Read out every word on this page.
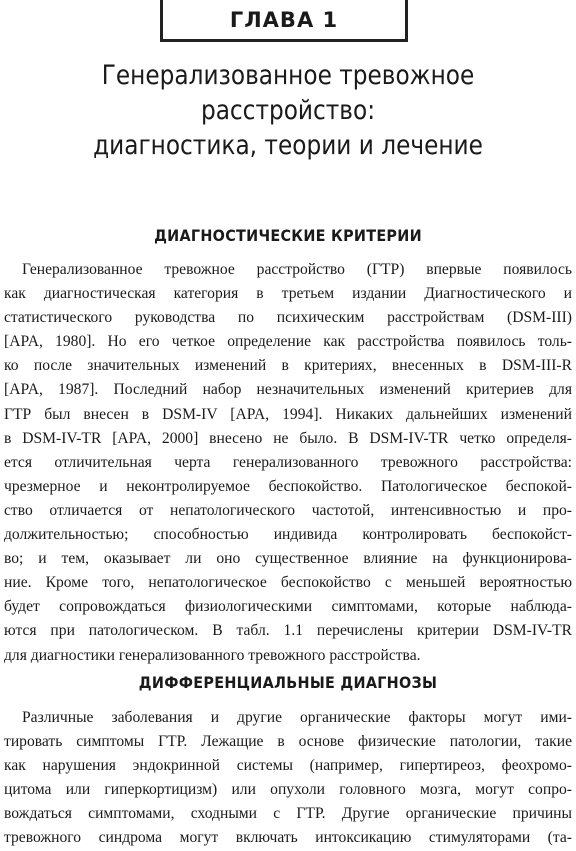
ГЛАВА 1
Генерализованное тревожное
расстройство:
диагностика, теории и лечение
ДИАГНОСТИЧЕСКИЕ КРИТЕРИИ
Генерализованное тревожное расстройство (ГТР) впервые появилось
как диагностическая категория в третьем издании Диагностического и
статистического руководства по психическим расстройствам (DSM-III)
[APA, 1980]. Но его четкое определение как расстройства появилось толь-
ко после значительных изменений в критериях, внесенных в DSM-III-R
[APA, 1987]. Последний набор незначительных изменений критериев для
ГТР был внесен в DSM-IV [APA, 1994]. Никаких дальнейших изменений
в DSM-IV-TR [APA, 2000] внесено не было. В DSM-IV-TR четко определя-
ется отличительная черта генерализованного тревожного расстройства:
чрезмерное и неконтролируемое беспокойство. Патологическое беспокой-
ство отличается от непатологического частотой, интенсивностью и про-
должительностью; способностью индивида контролировать беспокойст-
во; и тем, оказывает ли оно существенное влияние на функционирова-
ние. Кроме того, непатологическое беспокойство с меньшей вероятностью
будет сопровождаться физиологическими симптомами, которые наблюда-
ются при патологическом. В табл. 1.1 перечислены критерии DSM-IV-TR
для диагностики генерализованного тревожного расстройства.
ДИФФЕРЕНЦИАЛЬНЫЕ ДИАГНОЗЫ
Различные заболевания и другие органические факторы могут ими-
тировать симптомы ГТР. Лежащие в основе физические патологии, такие
как нарушения эндокринной системы (например, гипертиреоз, феохромо-
цитома или гиперкортицизм) или опухоли головного мозга, могут сопро-
вождаться симптомами, сходными с ГТР. Другие органические причины
тревожного синдрома могут включать интоксикацию стимуляторами (та-
